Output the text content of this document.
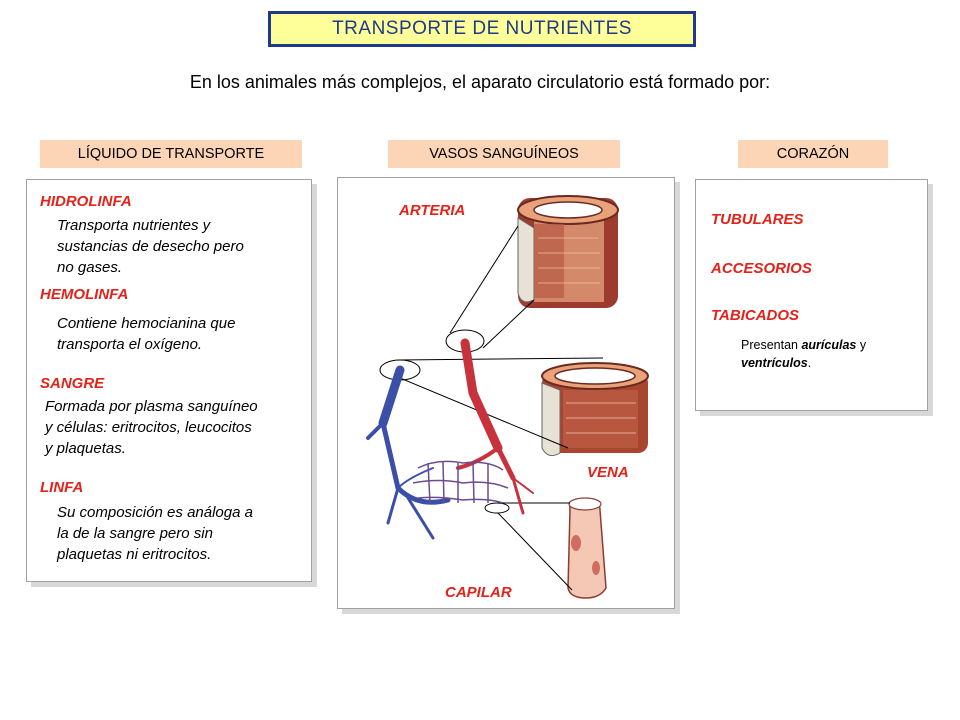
TRANSPORTE DE NUTRIENTES
En los animales más complejos, el aparato circulatorio está formado por:
LÍQUIDO DE TRANSPORTE	VASOS SANGUÍNEOS	CORAZÓN

HIDROLINFA

Transporta nutrientes y
sustancias de desecho pero
no gases.

HEMOLINFA

Contiene hemocianina que
transporta el oxígeno.

SANGRE

Formada por plasma sanguíneo
y células: eritrocitos, leucocitos
y plaquetas.

LINFA

Su composición es análoga a
la de la sangre pero sin
plaquetas ni eritrocitos.

ARTERIA
VENA
CAPILAR

TUBULARES

ACCESORIOS

TABICADOS

Presentan aurículas y
ventrículos.
